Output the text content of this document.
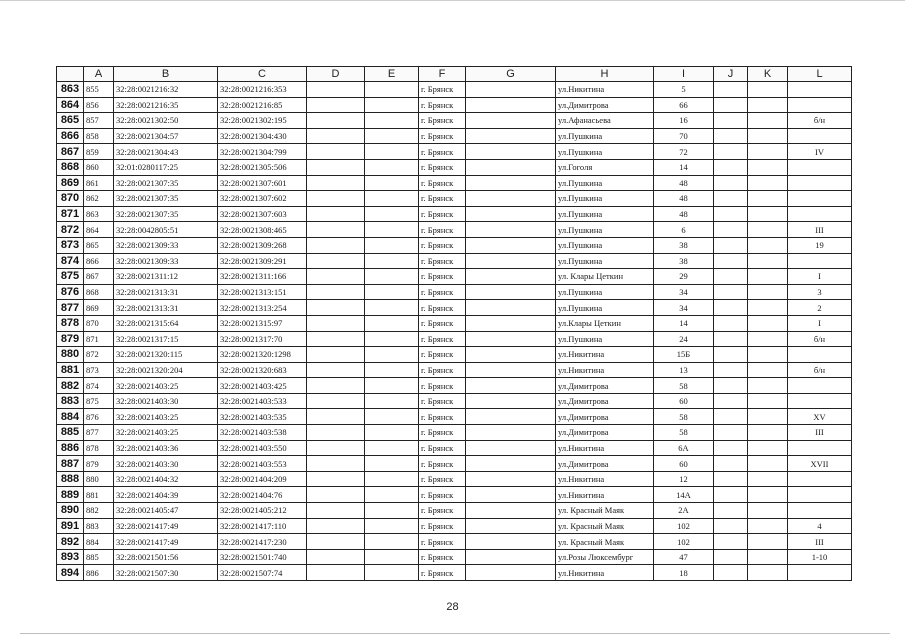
	A	B	C	D	E	F	G	H	I	J	K	L
863	855	32:28:0021216:32	32:28:0021216:353			г. Брянск		ул.Никитина	5			
864	856	32:28:0021216:35	32:28:0021216:85			г. Брянск		ул.Димитрова	66			
865	857	32:28:0021302:50	32:28:0021302:195			г. Брянск		ул.Афанасьева	16			б/н
866	858	32:28:0021304:57	32:28:0021304:430			г. Брянск		ул.Пушкина	70			
867	859	32:28:0021304:43	32:28:0021304:799			г. Брянск		ул.Пушкина	72			IV
868	860	32:01:0280117:25	32:28:0021305:506			г. Брянск		ул.Гоголя	14			
869	861	32:28:0021307:35	32:28:0021307:601			г. Брянск		ул.Пушкина	48			
870	862	32:28:0021307:35	32:28:0021307:602			г. Брянск		ул.Пушкина	48			
871	863	32:28:0021307:35	32:28:0021307:603			г. Брянск		ул.Пушкина	48			
872	864	32:28:0042805:51	32:28:0021308:465			г. Брянск		ул.Пушкина	6			III
873	865	32:28:0021309:33	32:28:0021309:268			г. Брянск		ул.Пушкина	38			19
874	866	32:28:0021309:33	32:28:0021309:291			г. Брянск		ул.Пушкина	38			
875	867	32:28:0021311:12	32:28:0021311:166			г. Брянск		ул. Клары Цеткин	29			I
876	868	32:28:0021313:31	32:28:0021313:151			г. Брянск		ул.Пушкина	34			3
877	869	32:28:0021313:31	32:28:0021313:254			г. Брянск		ул.Пушкина	34			2
878	870	32:28:0021315:64	32:28:0021315:97			г. Брянск		ул.Клары Цеткин	14			I
879	871	32:28:0021317:15	32:28:0021317:70			г. Брянск		ул.Пушкина	24			б/н
880	872	32:28:0021320:115	32:28:0021320:1298			г. Брянск		ул.Никитина	15Б			
881	873	32:28:0021320:204	32:28:0021320:683			г. Брянск		ул.Никитина	13			б/н
882	874	32:28:0021403:25	32:28:0021403:425			г. Брянск		ул.Димитрова	58			
883	875	32:28:0021403:30	32:28:0021403:533			г. Брянск		ул.Димитрова	60			
884	876	32:28:0021403:25	32:28:0021403:535			г. Брянск		ул.Димитрова	58			XV
885	877	32:28:0021403:25	32:28:0021403:538			г. Брянск		ул.Димитрова	58			III
886	878	32:28:0021403:36	32:28:0021403:550			г. Брянск		ул.Никитина	6А			
887	879	32:28:0021403:30	32:28:0021403:553			г. Брянск		ул.Димитрова	60			XVII
888	880	32:28:0021404:32	32:28:0021404:209			г. Брянск		ул.Никитина	12			
889	881	32:28:0021404:39	32:28:0021404:76			г. Брянск		ул.Никитина	14А			
890	882	32:28:0021405:47	32:28:0021405:212			г. Брянск		ул. Красный Маяк	2А			
891	883	32:28:0021417:49	32:28:0021417:110			г. Брянск		ул. Красный Маяк	102			4
892	884	32:28:0021417:49	32:28:0021417:230			г. Брянск		ул. Красный Маяк	102			III
893	885	32:28:0021501:56	32:28:0021501:740			г. Брянск		ул.Розы Люксембург	47			1-10
894	886	32:28:0021507:30	32:28:0021507:74			г. Брянск		ул.Никитина	18			
28
